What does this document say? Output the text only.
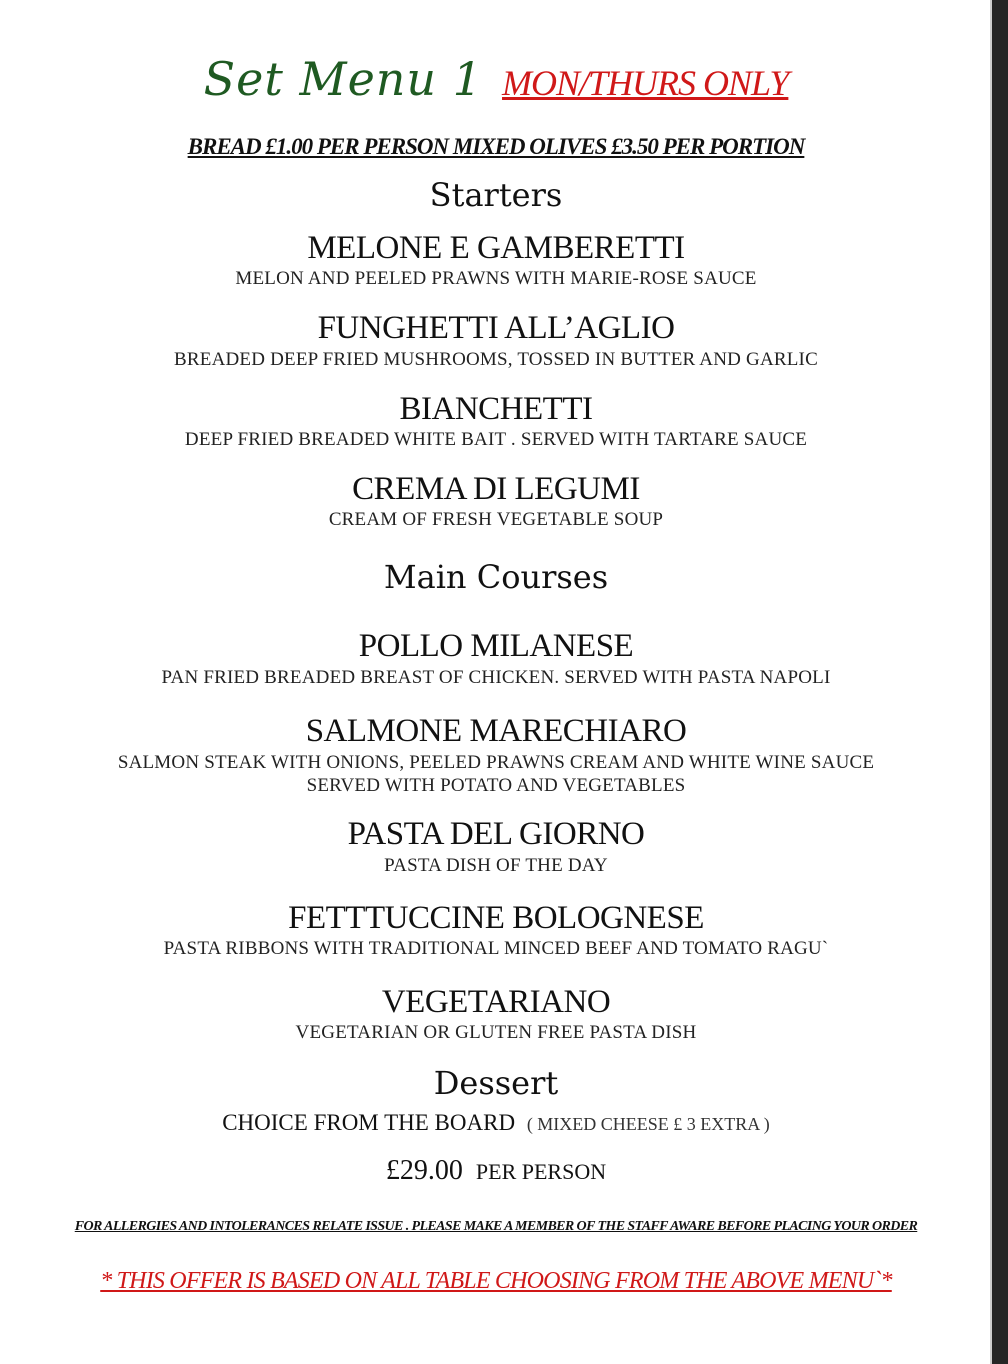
Set Menu 1 MON/THURS ONLY
BREAD £1.00 PER PERSON MIXED OLIVES £3.50 PER PORTION
Starters
MELONE E GAMBERETTI
MELON AND PEELED PRAWNS WITH MARIE-ROSE SAUCE
FUNGHETTI ALL’AGLIO
BREADED DEEP FRIED MUSHROOMS, TOSSED IN BUTTER AND GARLIC
BIANCHETTI
DEEP FRIED BREADED WHITE BAIT . SERVED WITH TARTARE SAUCE
CREMA DI LEGUMI
CREAM OF FRESH VEGETABLE SOUP
Main Courses
POLLO MILANESE
PAN FRIED BREADED BREAST OF CHICKEN. SERVED WITH PASTA NAPOLI
SALMONE MARECHIARO
SALMON STEAK WITH ONIONS, PEELED PRAWNS CREAM AND WHITE WINE SAUCE
SERVED WITH POTATO AND VEGETABLES
PASTA DEL GIORNO
PASTA DISH OF THE DAY
FETTTUCCINE BOLOGNESE
PASTA RIBBONS WITH TRADITIONAL MINCED BEEF AND TOMATO RAGU`
VEGETARIANO
VEGETARIAN OR GLUTEN FREE PASTA DISH
Dessert
CHOICE FROM THE BOARD ( MIXED CHEESE £ 3 EXTRA )
£29.00 PER PERSON
FOR ALLERGIES AND INTOLERANCES RELATE ISSUE . PLEASE MAKE A MEMBER OF THE STAFF AWARE BEFORE PLACING YOUR ORDER
* THIS OFFER IS BASED ON ALL TABLE CHOOSING FROM THE ABOVE MENU`*
